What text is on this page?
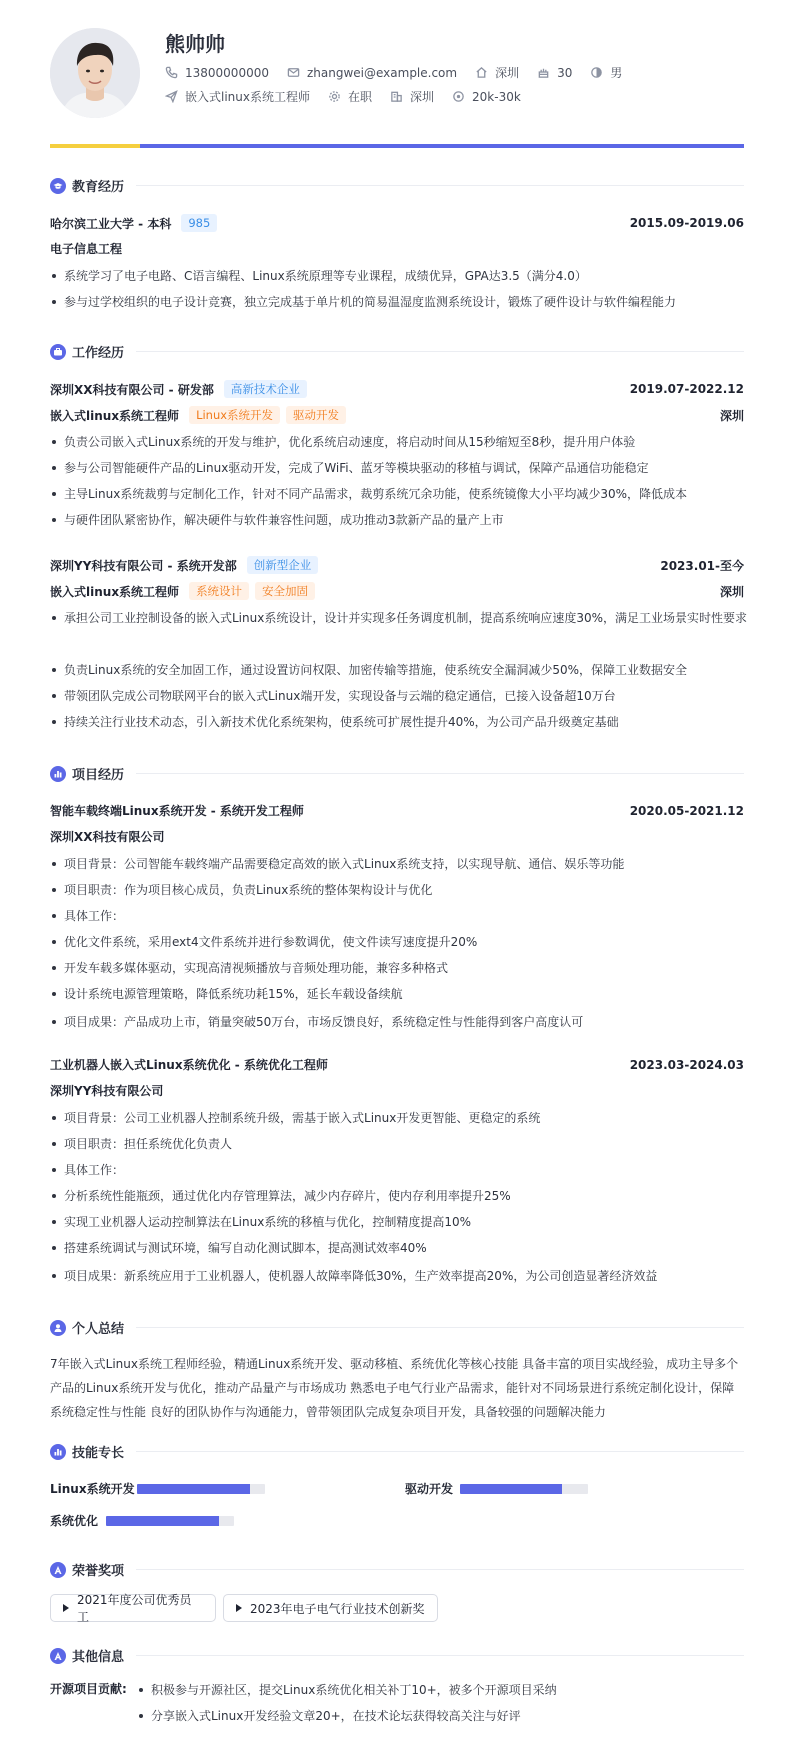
熊帅帅
13800000000	zhangwei@example.com	深圳	30	男
嵌入式linux系统工程师	在职	深圳	20k-30k
教育经历
哈尔滨工业大学 - 本科	985	2015.09-2019.06
电子信息工程
系统学习了电子电路、C语言编程、Linux系统原理等专业课程，成绩优异，GPA达3.5（满分4.0）
参与过学校组织的电子设计竞赛，独立完成基于单片机的简易温湿度监测系统设计，锻炼了硬件设计与软件编程能力
工作经历
深圳XX科技有限公司 - 研发部	高新技术企业	2019.07-2022.12
嵌入式linux系统工程师	Linux系统开发	驱动开发	深圳
负责公司嵌入式Linux系统的开发与维护，优化系统启动速度，将启动时间从15秒缩短至8秒，提升用户体验
参与公司智能硬件产品的Linux驱动开发，完成了WiFi、蓝牙等模块驱动的移植与调试，保障产品通信功能稳定
主导Linux系统裁剪与定制化工作，针对不同产品需求，裁剪系统冗余功能，使系统镜像大小平均减少30%，降低成本
与硬件团队紧密协作，解决硬件与软件兼容性问题，成功推动3款新产品的量产上市
深圳YY科技有限公司 - 系统开发部	创新型企业	2023.01-至今
嵌入式linux系统工程师	系统设计	安全加固	深圳
承担公司工业控制设备的嵌入式Linux系统设计，设计并实现多任务调度机制，提高系统响应速度30%，满足工业场景实时性要求
负责Linux系统的安全加固工作，通过设置访问权限、加密传输等措施，使系统安全漏洞减少50%，保障工业数据安全
带领团队完成公司物联网平台的嵌入式Linux端开发，实现设备与云端的稳定通信，已接入设备超10万台
持续关注行业技术动态，引入新技术优化系统架构，使系统可扩展性提升40%，为公司产品升级奠定基础
项目经历
智能车载终端Linux系统开发 - 系统开发工程师	2020.05-2021.12
深圳XX科技有限公司
项目背景：公司智能车载终端产品需要稳定高效的嵌入式Linux系统支持，以实现导航、通信、娱乐等功能
项目职责：作为项目核心成员，负责Linux系统的整体架构设计与优化
具体工作：
优化文件系统，采用ext4文件系统并进行参数调优，使文件读写速度提升20%
开发车载多媒体驱动，实现高清视频播放与音频处理功能，兼容多种格式
设计系统电源管理策略，降低系统功耗15%，延长车载设备续航
项目成果：产品成功上市，销量突破50万台，市场反馈良好，系统稳定性与性能得到客户高度认可
工业机器人嵌入式Linux系统优化 - 系统优化工程师	2023.03-2024.03
深圳YY科技有限公司
项目背景：公司工业机器人控制系统升级，需基于嵌入式Linux开发更智能、更稳定的系统
项目职责：担任系统优化负责人
具体工作：
分析系统性能瓶颈，通过优化内存管理算法，减少内存碎片，使内存利用率提升25%
实现工业机器人运动控制算法在Linux系统的移植与优化，控制精度提高10%
搭建系统调试与测试环境，编写自动化测试脚本，提高测试效率40%
项目成果：新系统应用于工业机器人，使机器人故障率降低30%，生产效率提高20%，为公司创造显著经济效益
个人总结
7年嵌入式Linux系统工程师经验，精通Linux系统开发、驱动移植、系统优化等核心技能 具备丰富的项目实战经验，成功主导多个产品的Linux系统开发与优化，推动产品量产与市场成功 熟悉电子电气行业产品需求，能针对不同场景进行系统定制化设计，保障系统稳定性与性能 良好的团队协作与沟通能力，曾带领团队完成复杂项目开发，具备较强的问题解决能力
技能专长
Linux系统开发	驱动开发
系统优化
荣誉奖项
2021年度公司优秀员工
2023年电子电气行业技术创新奖
其他信息
开源项目贡献:	积极参与开源社区，提交Linux系统优化相关补丁10+，被多个开源项目采纳
分享嵌入式Linux开发经验文章20+，在技术论坛获得较高关注与好评
